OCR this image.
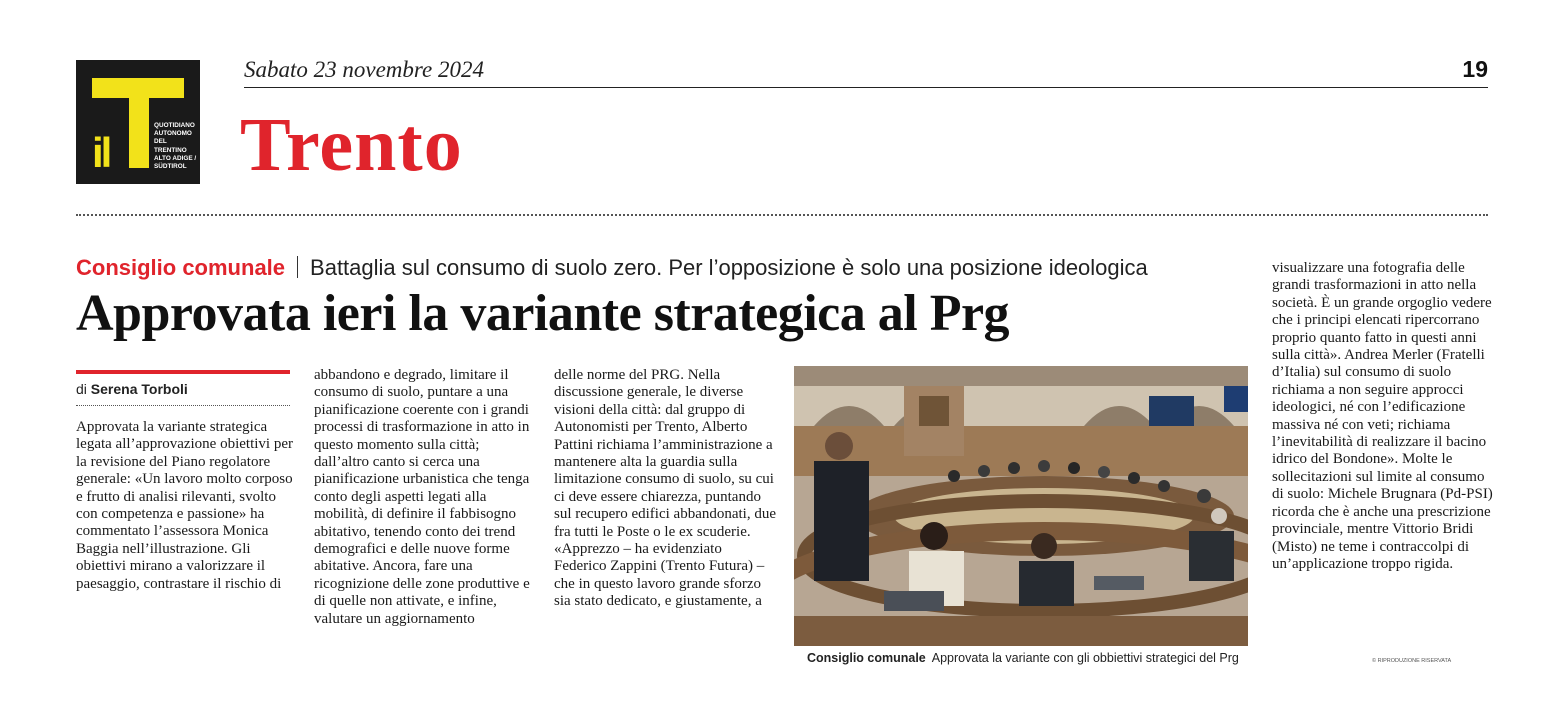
il
QUOTIDIANO AUTONOMO DEL TRENTINO ALTO ADIGE / SÜDTIROL
Sabato 23 novembre 2024	19
Trento
Consiglio comunale Battaglia sul consumo di suolo zero. Per l’opposizione è solo una posizione ideologica
Approvata ieri la variante strategica al Prg
di Serena Torboli

Approvata la variante strategica legata all’approvazione obiettivi per la revisione del Piano regolatore generale: «Un lavoro molto corposo e frutto di analisi rilevanti, svolto con competenza e passione» ha commentato l’assessora Monica Baggia nell’illustrazione. Gli obiettivi mirano a valorizzare il paesaggio, contrastare il rischio di

abbandono e degrado, limitare il consumo di suolo, puntare a una pianificazione coerente con i grandi processi di trasformazione in atto in questo momento sulla città; dall’altro canto si cerca una pianificazione urbanistica che tenga conto degli aspetti legati alla mobilità, di definire il fabbisogno abitativo, tenendo conto dei trend demografici e delle nuove forme abitative. Ancora, fare una ricognizione delle zone produttive e di quelle non attivate, e infine, valutare un aggiornamento

delle norme del PRG. Nella discussione generale, le diverse visioni della città: dal gruppo di Autonomisti per Trento, Alberto Pattini richiama l’amministrazione a mantenere alta la guardia sulla limitazione consumo di suolo, su cui ci deve essere chiarezza, puntando sul recupero edifici abbandonati, due fra tutti le Poste o le ex scuderie. «Apprezzo – ha evidenziato Federico Zappini (Trento Futura) – che in questo lavoro grande sforzo sia stato dedicato, e giustamente, a

visualizzare una fotografia delle grandi trasformazioni in atto nella società. È un grande orgoglio vedere che i principi elencati ripercorrano proprio quanto fatto in questi anni sulla città». Andrea Merler (Fratelli d’Italia) sul consumo di suolo richiama a non seguire approcci ideologici, né con l’edificazione massiva né con veti; richiama l’inevitabilità di realizzare il bacino idrico del Bondone». Molte le sollecitazioni sul limite al consumo di suolo: Michele Brugnara (Pd-PSI) ricorda che è anche una prescrizione provinciale, mentre Vittorio Bridi (Misto) ne teme i contraccolpi di un’applicazione troppo rigida.

Consiglio comunale Approvata la variante con gli obbiettivi strategici del Prg	© RIPRODUZIONE RISERVATA
